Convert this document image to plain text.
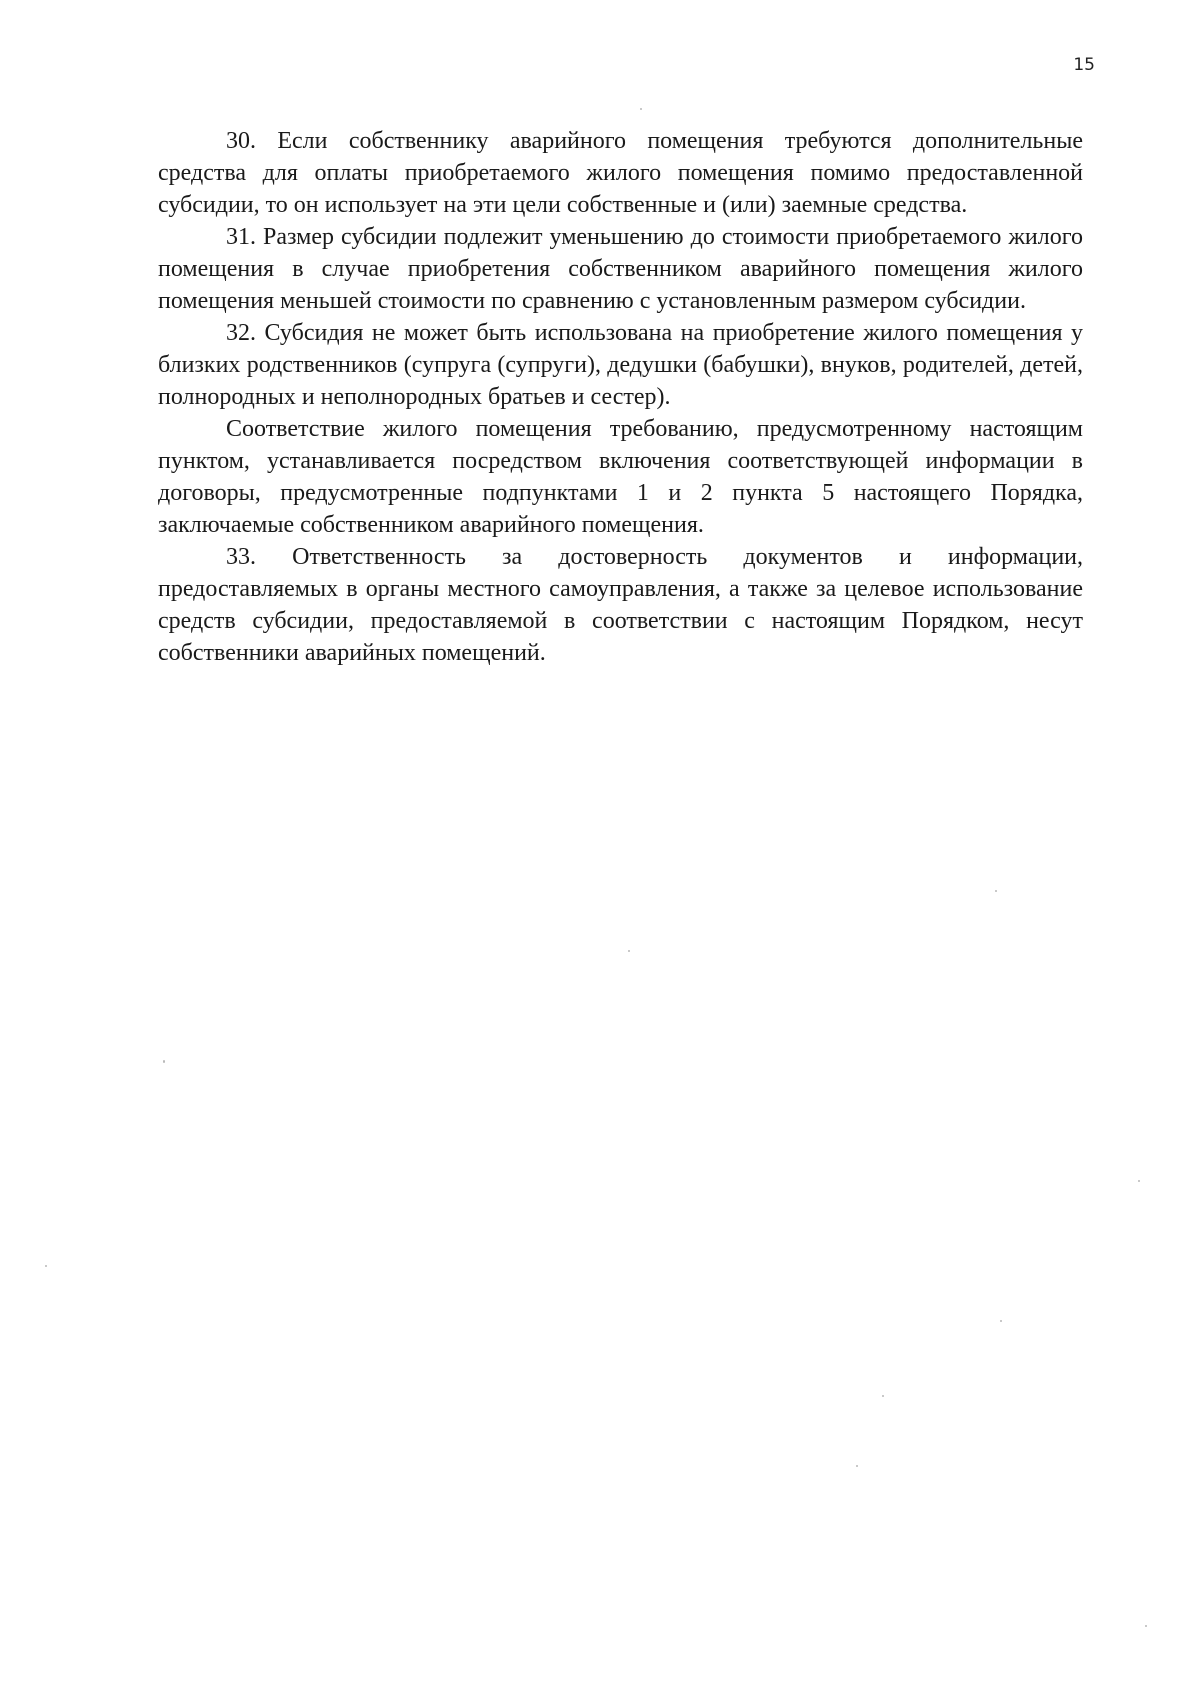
15

30. Если собственнику аварийного помещения требуются дополнительные средства для оплаты приобретаемого жилого помещения помимо предоставленной субсидии, то он использует на эти цели собственные и (или) заемные средства.

31. Размер субсидии подлежит уменьшению до стоимости приобретаемого жилого помещения в случае приобретения собственником аварийного помещения жилого помещения меньшей стоимости по сравнению с установленным размером субсидии.

32. Субсидия не может быть использована на приобретение жилого помещения у близких родственников (супруга (супруги), дедушки (бабушки), внуков, родителей, детей, полнородных и неполнородных братьев и сестер).

Соответствие жилого помещения требованию, предусмотренному настоящим пунктом, устанавливается посредством включения соответствующей информации в договоры, предусмотренные подпунктами 1 и 2 пункта 5 настоящего Порядка, заключаемые собственником аварийного помещения.

33. Ответственность за достоверность документов и информации, предоставляемых в органы местного самоуправления, а также за целевое использование средств субсидии, предоставляемой в соответствии с настоящим Порядком, несут собственники аварийных помещений.
